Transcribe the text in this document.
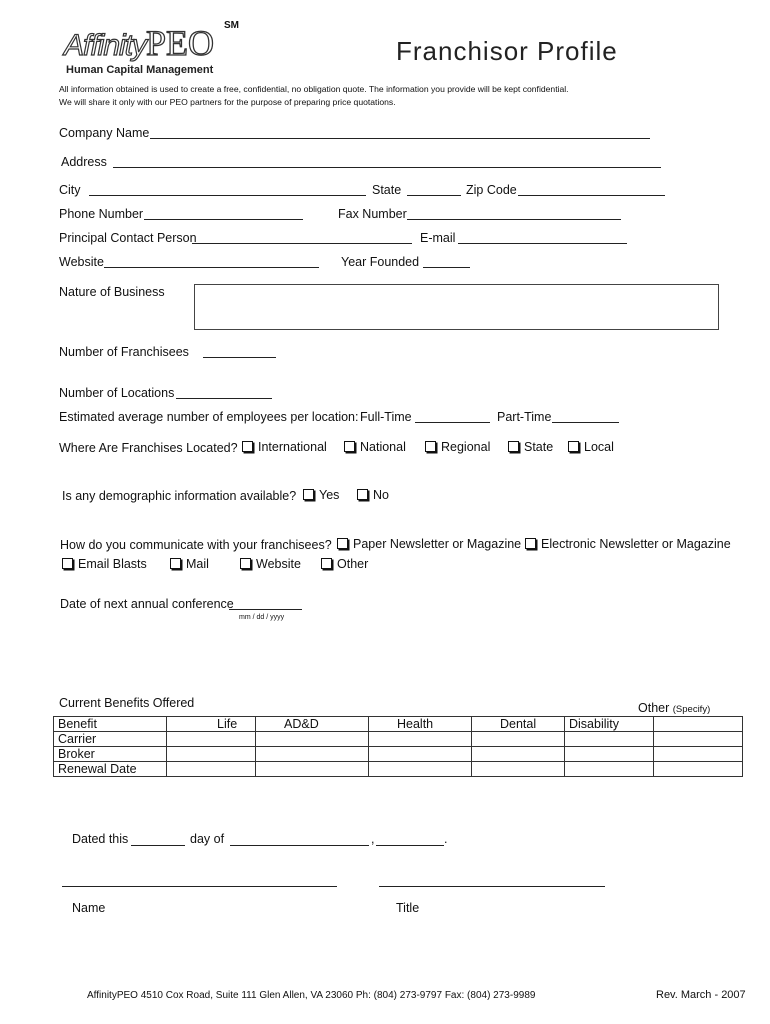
AffinityPEO SM
Human Capital Management
Franchisor Profile
All information obtained is used to create a free, confidential, no obligation quote. The information you provide will be kept confidential.
We will share it only with our PEO partners for the purpose of preparing price quotations.
Company Name
Address
City	State	Zip Code
Phone Number	Fax Number
Principal Contact Person	E-mail
Website	Year Founded
Nature of Business
Number of Franchisees
Number of Locations
Estimated average number of employees per location: Full-Time	Part-Time
Where Are Franchises Located?	International	National	Regional	State	Local
Is any demographic information available?	Yes	No
How do you communicate with your franchisees?	Paper Newsletter or Magazine	Electronic Newsletter or Magazine
Email Blasts	Mail	Website	Other
Date of next annual conference
mm / dd / yyyy
Current Benefits Offered	Other (Specify)
Benefit	Life	AD&D	Health	Dental	Disability	
Carrier						
Broker						
Renewal Date						
Dated this	day of	,	.
Name	Title
AffinityPEO 4510 Cox Road, Suite 111 Glen Allen, VA 23060 Ph: (804) 273-9797 Fax: (804) 273-9989	Rev. March - 2007
